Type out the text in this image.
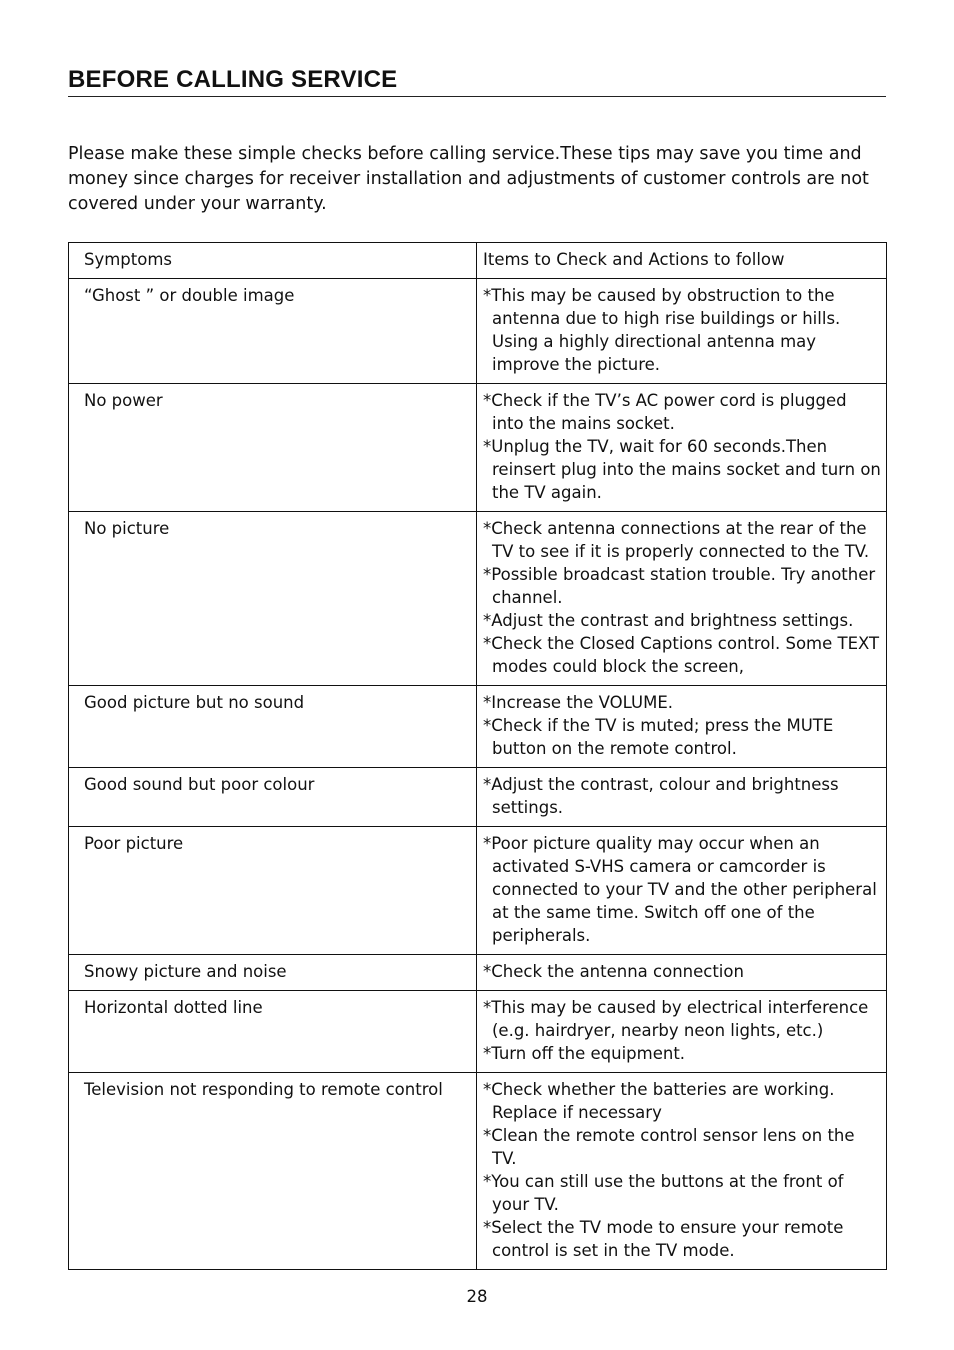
BEFORE CALLING SERVICE

Please make these simple checks before calling service.These tips may save you time and money since charges for receiver installation and adjustments of customer controls are not covered under your warranty.

Symptoms	Items to Check and Actions to follow
“Ghost ” or double image	*This may be caused by obstruction to the antenna due to high rise buildings or hills. Using a highly directional antenna may improve the picture.

No power	*Check if the TV’s AC power cord is plugged into the mains socket.
*Unplug the TV, wait for 60 seconds.Then reinsert plug into the mains socket and turn on the TV again.

No picture	*Check antenna connections at the rear of the TV to see if it is properly connected to the TV.
*Possible broadcast station trouble. Try another channel.
*Adjust the contrast and brightness settings.
*Check the Closed Captions control. Some TEXT modes could block the screen,

Good picture but no sound	*Increase the VOLUME.
*Check if the TV is muted; press the MUTE button on the remote control.

Good sound but poor colour	*Adjust the contrast, colour and brightness settings.

Poor picture	*Poor picture quality may occur when an activated S-VHS camera or camcorder is connected to your TV and the other peripheral at the same time. Switch off one of the peripherals.

Snowy picture and noise	*Check the antenna connection

Horizontal dotted line	*This may be caused by electrical interference (e.g. hairdryer, nearby neon lights, etc.)
*Turn off the equipment.

Television not responding to remote control	*Check whether the batteries are working. Replace if necessary
*Clean the remote control sensor lens on the TV.
*You can still use the buttons at the front of your TV.
*Select the TV mode to ensure your remote control is set in the TV mode.
28
